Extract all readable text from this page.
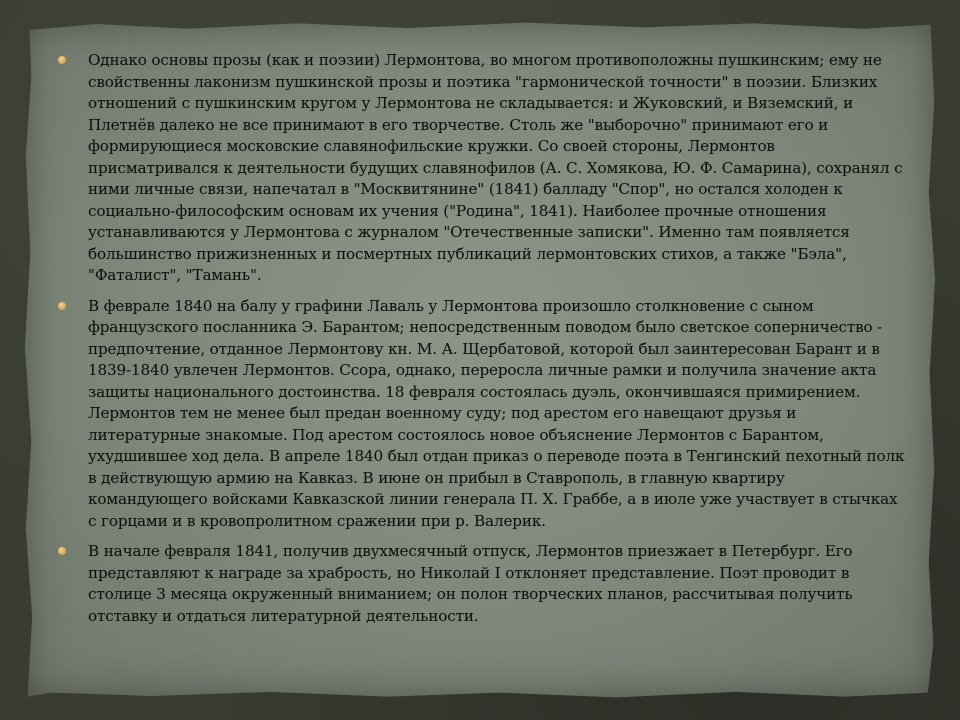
Однако основы прозы (как и поэзии) Лермонтова, во многом противоположны пушкинским; ему не свойственны лаконизм пушкинской прозы и поэтика "гармонической точности" в поэзии. Близких отношений с пушкинским кругом у Лермонтова не складывается: и Жуковский, и Вяземский, и Плетнёв далеко не все принимают в его творчестве. Столь же "выборочно" принимают его и формирующиеся московские славянофильские кружки. Со своей стороны, Лермонтов присматривался к деятельности будущих славянофилов (А. С. Хомякова, Ю. Ф. Самарина), сохранял с ними личные связи, напечатал в "Москвитянине" (1841) балладу "Спор", но остался холоден к социально-философским основам их учения ("Родина", 1841). Наиболее прочные отношения устанавливаются у Лермонтова с журналом "Отечественные записки". Именно там появляется большинство прижизненных и посмертных публикаций лермонтовских стихов, а также "Бэла", "Фаталист", "Тамань".
В феврале 1840 на балу у графини Лаваль у Лермонтова произошло столкновение с сыном французского посланника Э. Барантом; непосредственным поводом было светское соперничество - предпочтение, отданное Лермонтову кн. М. А. Щербатовой, которой был заинтересован Барант и в 1839-1840 увлечен Лермонтов. Ссора, однако, переросла личные рамки и получила значение акта защиты национального достоинства. 18 февраля состоялась дуэль, окончившаяся примирением. Лермонтов тем не менее был предан военному суду; под арестом его навещают друзья и литературные знакомые. Под арестом состоялось новое объяснение Лермонтов с Барантом, ухудшившее ход дела. В апреле 1840 был отдан приказ о переводе поэта в Тенгинский пехотный полк в действующую армию на Кавказ. В июне он прибыл в Ставрополь, в главную квартиру командующего войсками Кавказской линии генерала П. Х. Граббе, а в июле уже участвует в стычках с горцами и в кровопролитном сражении при р. Валерик.
В начале февраля 1841, получив двухмесячный отпуск, Лермонтов приезжает в Петербург. Его представляют к награде за храбрость, но Николай I отклоняет представление. Поэт проводит в столице 3 месяца окруженный вниманием; он полон творческих планов, рассчитывая получить отставку и отдаться литературной деятельности.
